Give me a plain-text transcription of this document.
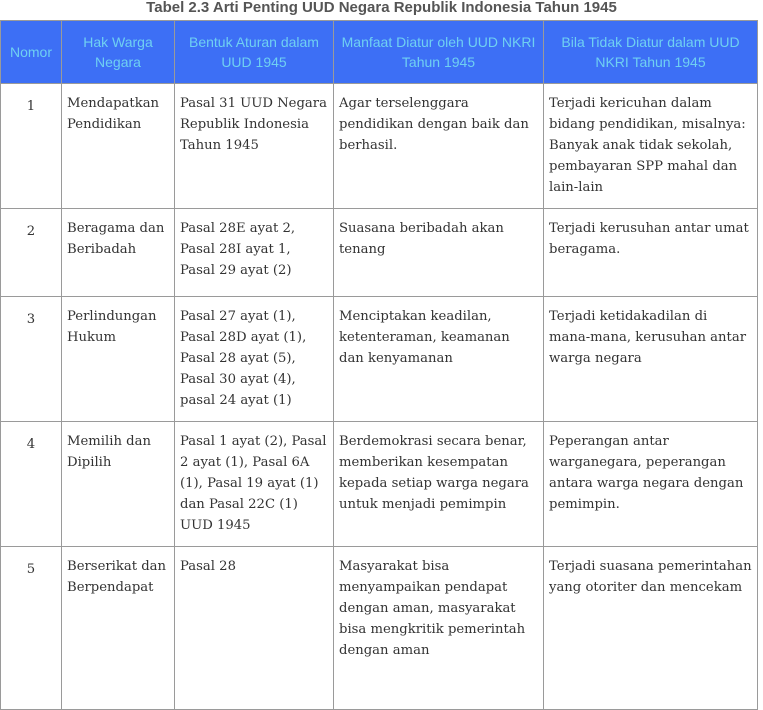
Tabel 2.3 Arti Penting UUD Negara Republik Indonesia Tahun 1945
Nomor	Hak Warga Negara	Bentuk Aturan dalam UUD 1945	Manfaat Diatur oleh UUD NKRI Tahun 1945	Bila Tidak Diatur dalam UUD NKRI Tahun 1945
1	Mendapatkan Pendidikan	Pasal 31 UUD Negara Republik Indonesia Tahun 1945	Agar terselenggara pendidikan dengan baik dan berhasil.	Terjadi kericuhan dalam bidang pendidikan, misalnya: Banyak anak tidak sekolah, pembayaran SPP mahal dan lain-lain
2	Beragama dan Beribadah	Pasal 28E ayat 2, Pasal 28I ayat 1, Pasal 29 ayat (2)	Suasana beribadah akan tenang	Terjadi kerusuhan antar umat beragama.
3	Perlindungan Hukum	Pasal 27 ayat (1), Pasal 28D ayat (1), Pasal 28 ayat (5), Pasal 30 ayat (4), pasal 24 ayat (1)	Menciptakan keadilan, ketenteraman, keamanan dan kenyamanan	Terjadi ketidakadilan di mana-mana, kerusuhan antar warga negara
4	Memilih dan Dipilih	Pasal 1 ayat (2), Pasal 2 ayat (1), Pasal 6A (1), Pasal 19 ayat (1) dan Pasal 22C (1) UUD 1945	Berdemokrasi secara benar, memberikan kesempatan kepada setiap warga negara untuk menjadi pemimpin	Peperangan antar warganegara, peperangan antara warga negara dengan pemimpin.
5	Berserikat dan Berpendapat	Pasal 28	Masyarakat bisa menyampaikan pendapat dengan aman, masyarakat bisa mengkritik pemerintah dengan aman	Terjadi suasana pemerintahan yang otoriter dan mencekam
